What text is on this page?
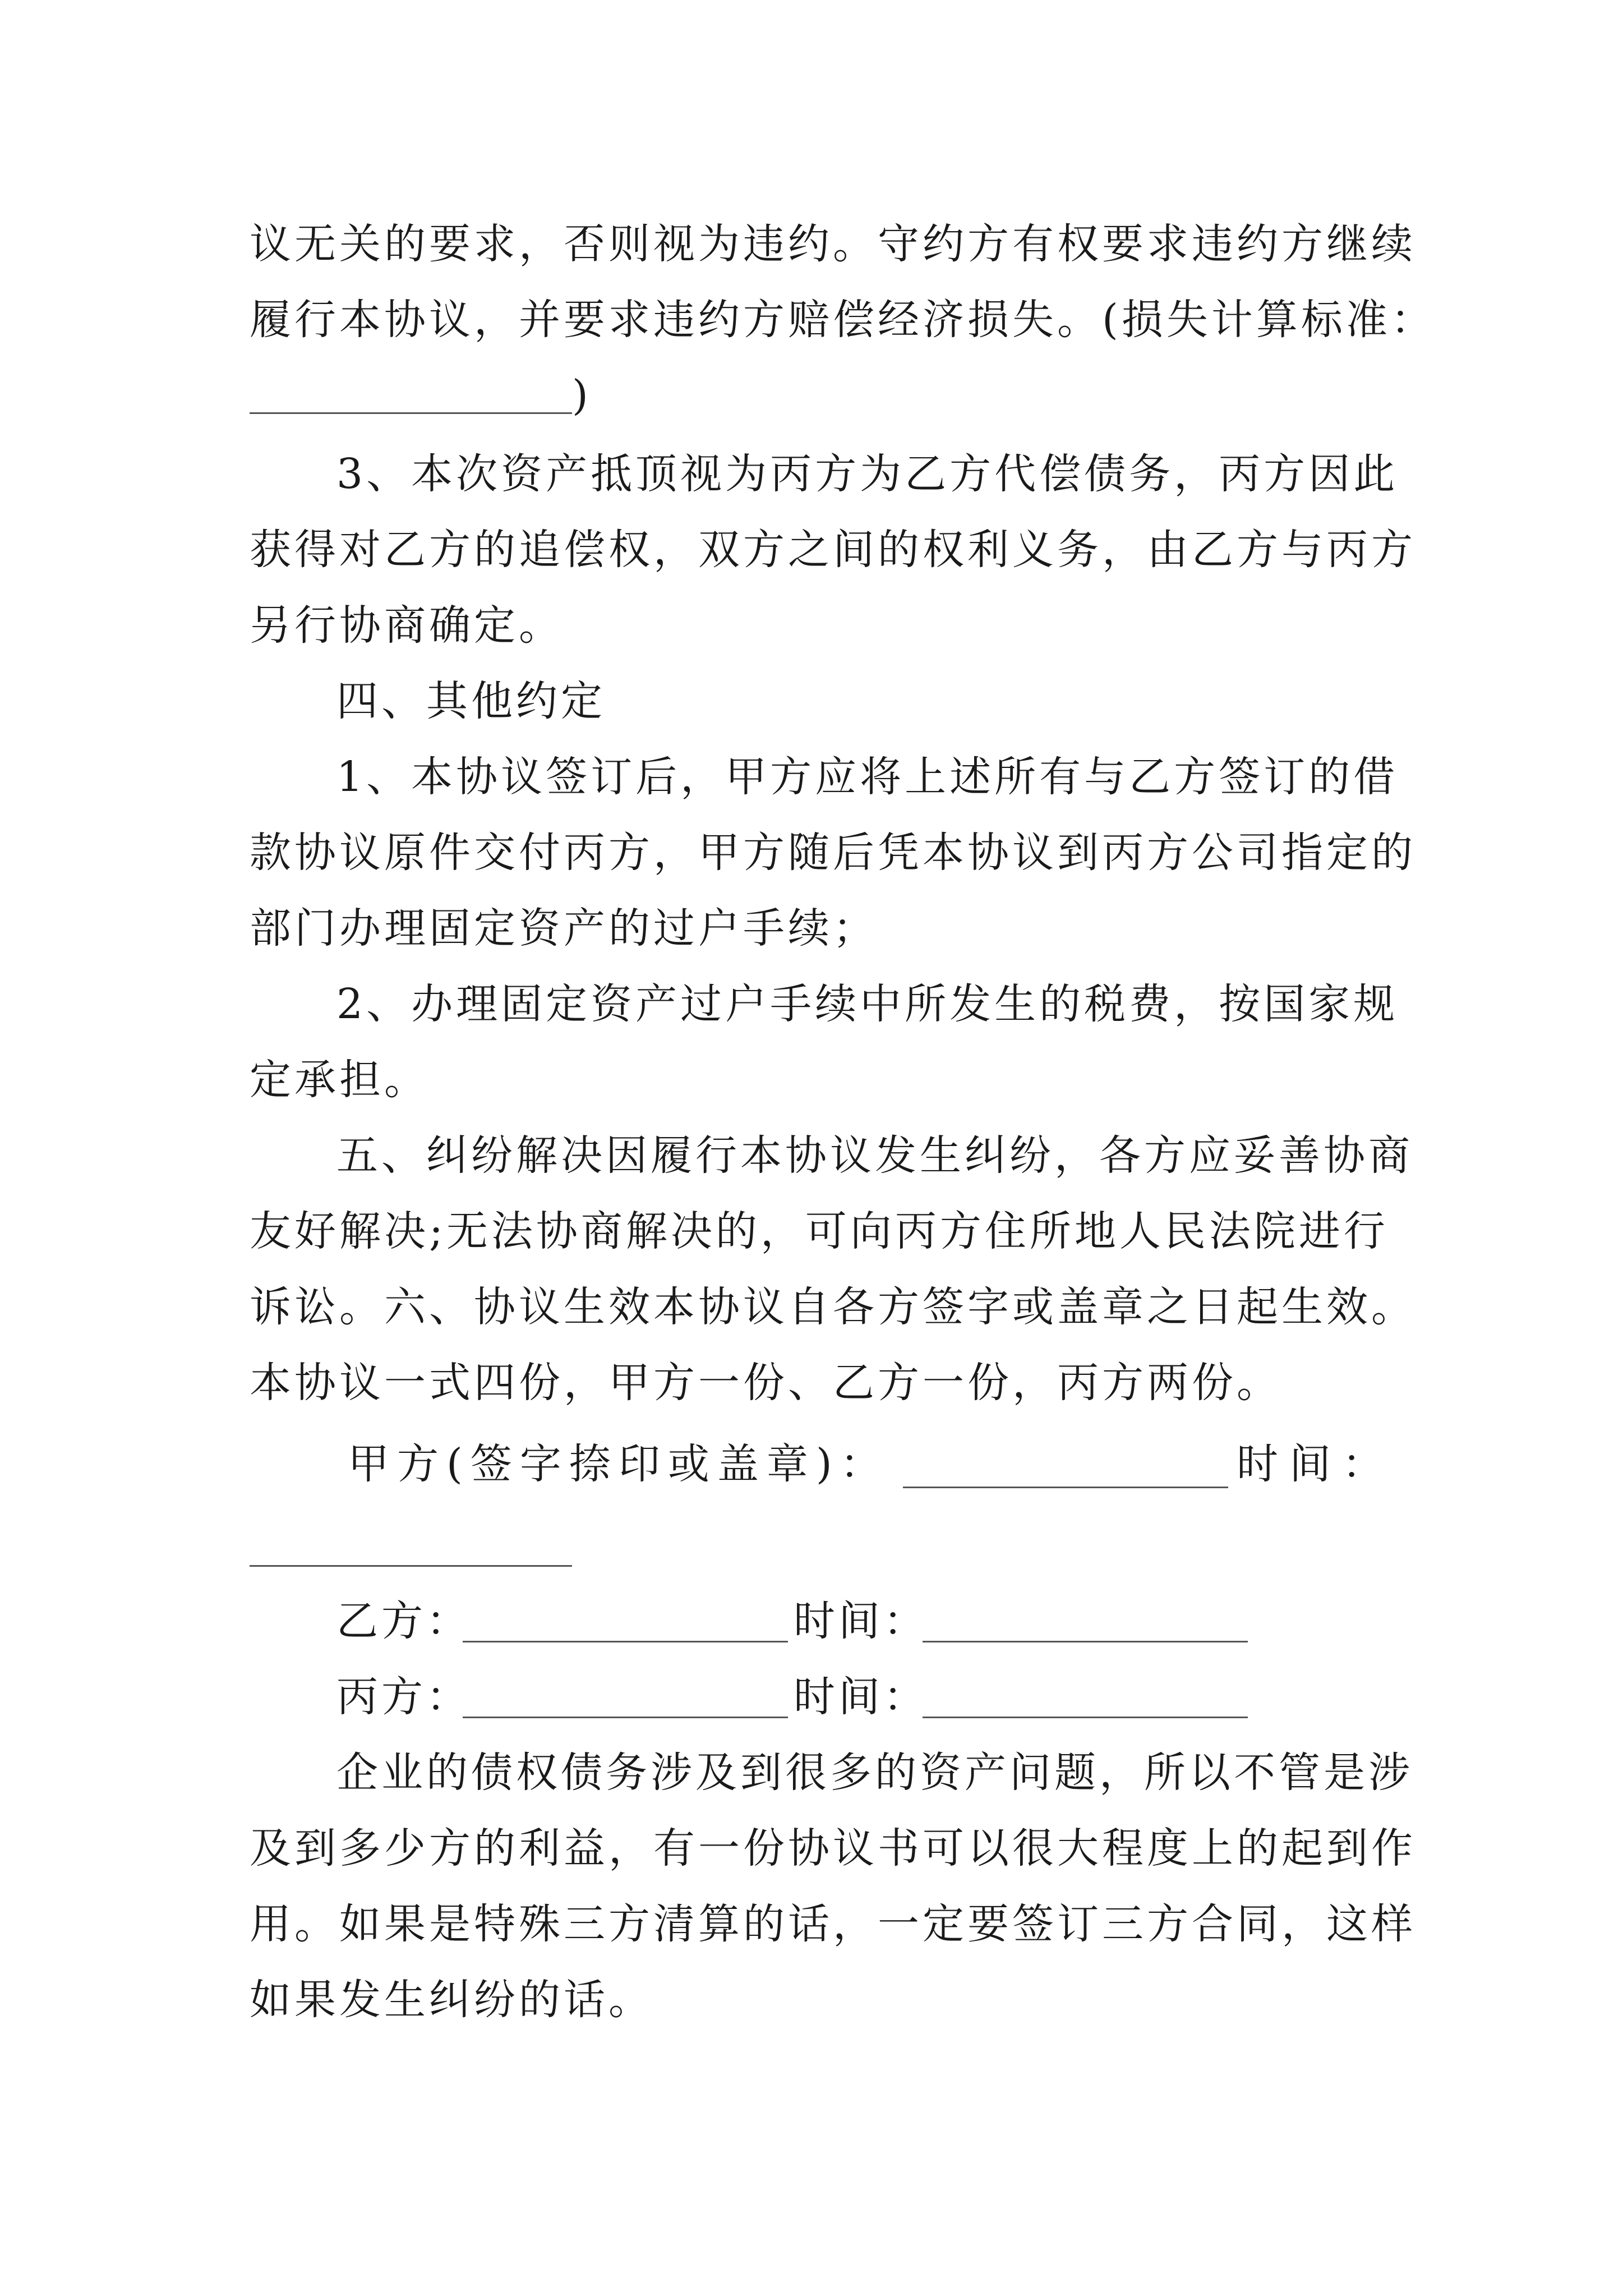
议无关的要求，否则视为违约。守约方有权要求违约方继续
履行本协议，并要求违约方赔偿经济损失。(损失计算标准：
)
3、本次资产抵顶视为丙方为乙方代偿债务，丙方因此
获得对乙方的追偿权，双方之间的权利义务，由乙方与丙方
另行协商确定。
四、其他约定
1、本协议签订后，甲方应将上述所有与乙方签订的借
款协议原件交付丙方，甲方随后凭本协议到丙方公司指定的
部门办理固定资产的过户手续；
2、办理固定资产过户手续中所发生的税费，按国家规
定承担。
五、纠纷解决因履行本协议发生纠纷，各方应妥善协商
友好解决;无法协商解决的，可向丙方住所地人民法院进行
诉讼。六、协议生效本协议自各方签字或盖章之日起生效。
本协议一式四份，甲方一份、乙方一份，丙方两份。
甲方(签字捺印或盖章)：	时间：
乙方：	时间：
丙方：	时间：
企业的债权债务涉及到很多的资产问题，所以不管是涉
及到多少方的利益，有一份协议书可以很大程度上的起到作
用。如果是特殊三方清算的话，一定要签订三方合同，这样
如果发生纠纷的话。
